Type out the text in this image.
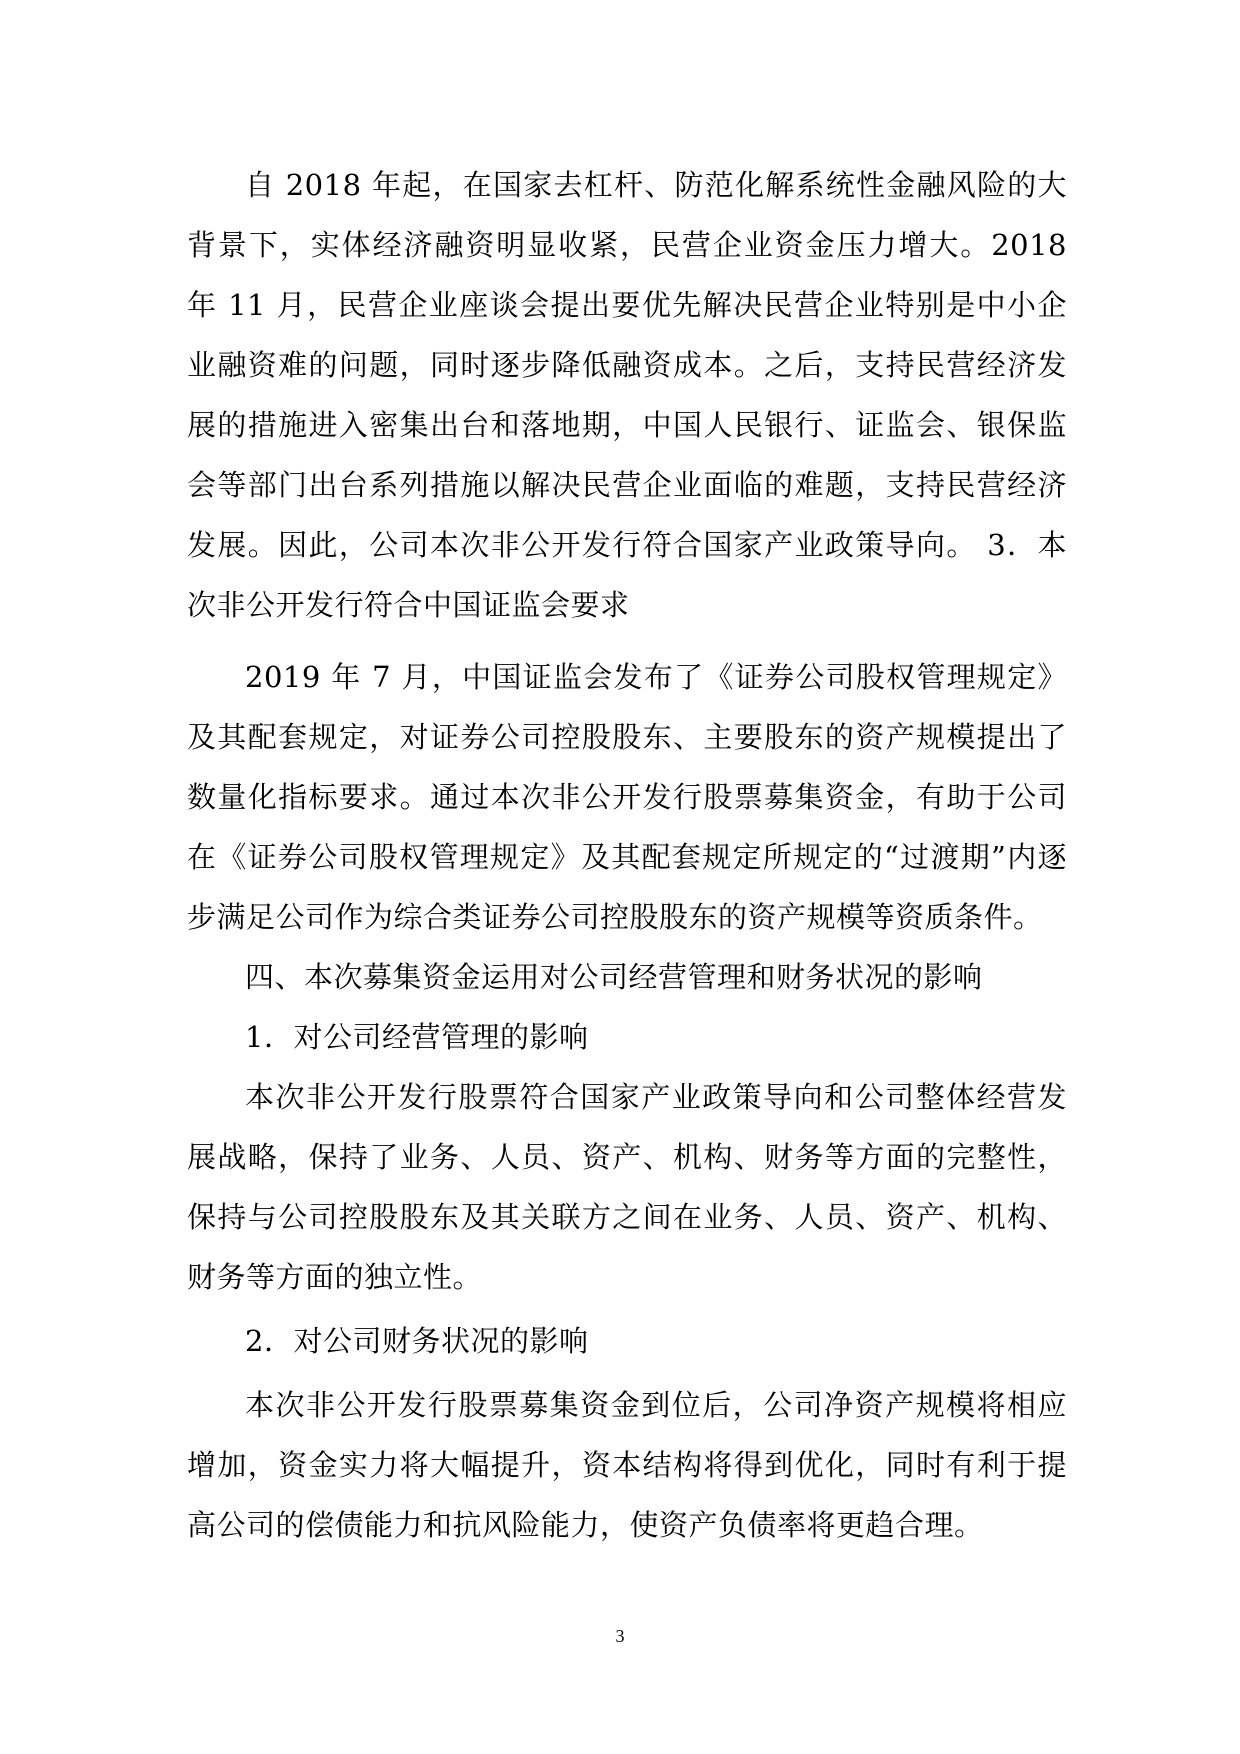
自 2018 年起，在国家去杠杆、防范化解系统性金融风险的大背景下，实体经济融资明显收紧，民营企业资金压力增大。2018 年 11 月，民营企业座谈会提出要优先解决民营企业特别是中小企业融资难的问题，同时逐步降低融资成本。之后，支持民营经济发展的措施进入密集出台和落地期，中国人民银行、证监会、银保监会等部门出台系列措施以解决民营企业面临的难题，支持民营经济发展。因此，公司本次非公开发行符合国家产业政策导向。 3．本次非公开发行符合中国证监会要求

2019 年 7 月，中国证监会发布了《证券公司股权管理规定》及其配套规定，对证券公司控股股东、主要股东的资产规模提出了数量化指标要求。通过本次非公开发行股票募集资金，有助于公司在《证券公司股权管理规定》及其配套规定所规定的“过渡期”内逐步满足公司作为综合类证券公司控股股东的资产规模等资质条件。

四、本次募集资金运用对公司经营管理和财务状况的影响

1．对公司经营管理的影响

本次非公开发行股票符合国家产业政策导向和公司整体经营发展战略，保持了业务、人员、资产、机构、财务等方面的完整性，保持与公司控股股东及其关联方之间在业务、人员、资产、机构、财务等方面的独立性。

2．对公司财务状况的影响

本次非公开发行股票募集资金到位后，公司净资产规模将相应增加，资金实力将大幅提升，资本结构将得到优化，同时有利于提高公司的偿债能力和抗风险能力，使资产负债率将更趋合理。

3
